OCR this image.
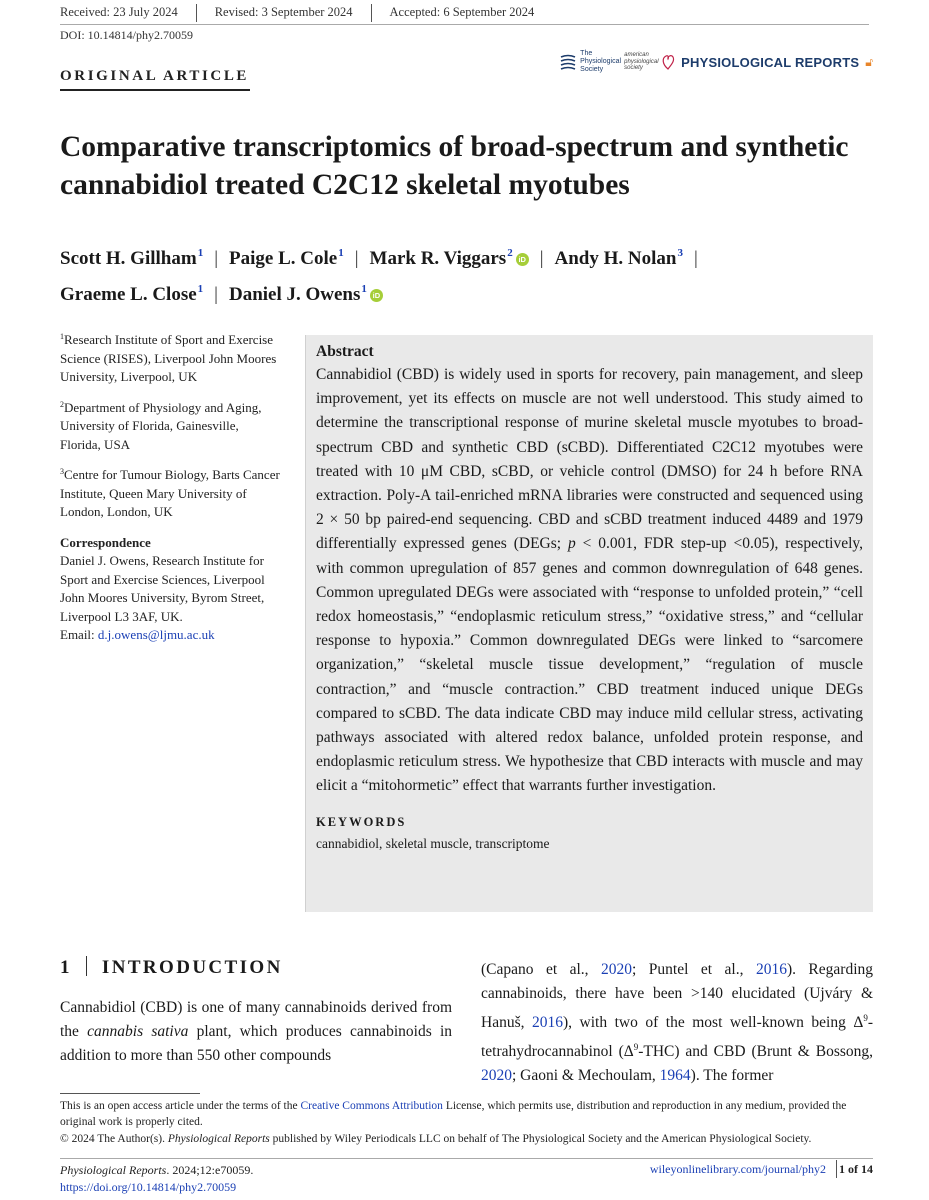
Received: 23 July 2024	Revised: 3 September 2024	Accepted: 6 September 2024
DOI: 10.14814/phy2.70059
ORIGINAL ARTICLE
The Physiological Society
american physiological society	PHYSIOLOGICAL REPORTS 🔓︎
Comparative transcriptomics of broad-spectrum and synthetic cannabidiol treated C2C12 skeletal myotubes
Scott H. Gillham$^1$ | Paige L. Cole$^1$ | Mark R. Viggars$^2$iD | Andy H. Nolan$^3$ |
Graeme L. Close$^1$ | Daniel J. Owens$^1$iD
$^1$Research Institute of Sport and Exercise Science (RISES), Liverpool John Moores University, Liverpool, UK
$^2$Department of Physiology and Aging, University of Florida, Gainesville, Florida, USA
$^3$Centre for Tumour Biology, Barts Cancer Institute, Queen Mary University of London, London, UK
Correspondence
Daniel J. Owens, Research Institute for Sport and Exercise Sciences, Liverpool John Moores University, Byrom Street, Liverpool L3 3AF, UK.
Email: d.j.owens@ljmu.ac.uk
Abstract
Cannabidiol (CBD) is widely used in sports for recovery, pain management, and sleep improvement, yet its effects on muscle are not well understood. This study aimed to determine the transcriptional response of murine skeletal muscle myotubes to broad-spectrum CBD and synthetic CBD (sCBD). Differentiated C2C12 myotubes were treated with 10 μM CBD, sCBD, or vehicle control (DMSO) for 24 h before RNA extraction. Poly-A tail-enriched mRNA libraries were constructed and sequenced using 2 × 50 bp paired-end sequencing. CBD and sCBD treatment induced 4489 and 1979 differentially expressed genes (DEGs; p < 0.001, FDR step-up <0.05), respectively, with common upregulation of 857 genes and common downregulation of 648 genes. Common upregulated DEGs were associated with “response to unfolded protein,” “cell redox homeostasis,” “endoplasmic reticulum stress,” “oxidative stress,” and “cellular response to hypoxia.” Common downregulated DEGs were linked to “sarcomere organization,” “skeletal muscle tissue development,” “regulation of muscle contraction,” and “muscle contraction.” CBD treatment induced unique DEGs compared to sCBD. The data indicate CBD may induce mild cellular stress, activating pathways associated with altered redox balance, unfolded protein response, and endoplasmic reticulum stress. We hypothesize that CBD interacts with muscle and may elicit a “mitohormetic” effect that warrants further investigation.
KEYWORDS
cannabidiol, skeletal muscle, transcriptome
1 INTRODUCTION
Cannabidiol (CBD) is one of many cannabinoids derived from the cannabis sativa plant, which produces cannabinoids in addition to more than 550 other compounds
(Capano et al., 2020; Puntel et al., 2016). Regarding cannabinoids, there have been >140 elucidated (Ujváry & Hanuš, 2016), with two of the most well-known being $\Delta^9$-tetrahydrocannabinol $(\Delta^9-THC)$ and CBD (Brunt & Bossong, 2020; Gaoni & Mechoulam, 1964). The former
This is an open access article under the terms of the Creative Commons Attribution License, which permits use, distribution and reproduction in any medium, provided the original work is properly cited.
© 2024 The Author(s). Physiological Reports published by Wiley Periodicals LLC on behalf of The Physiological Society and the American Physiological Society.
Physiological Reports. 2024;12:e70059.
https://doi.org/10.14814/phy2.70059
wileyonlinelibrary.com/journal/phy2 1 of 14
